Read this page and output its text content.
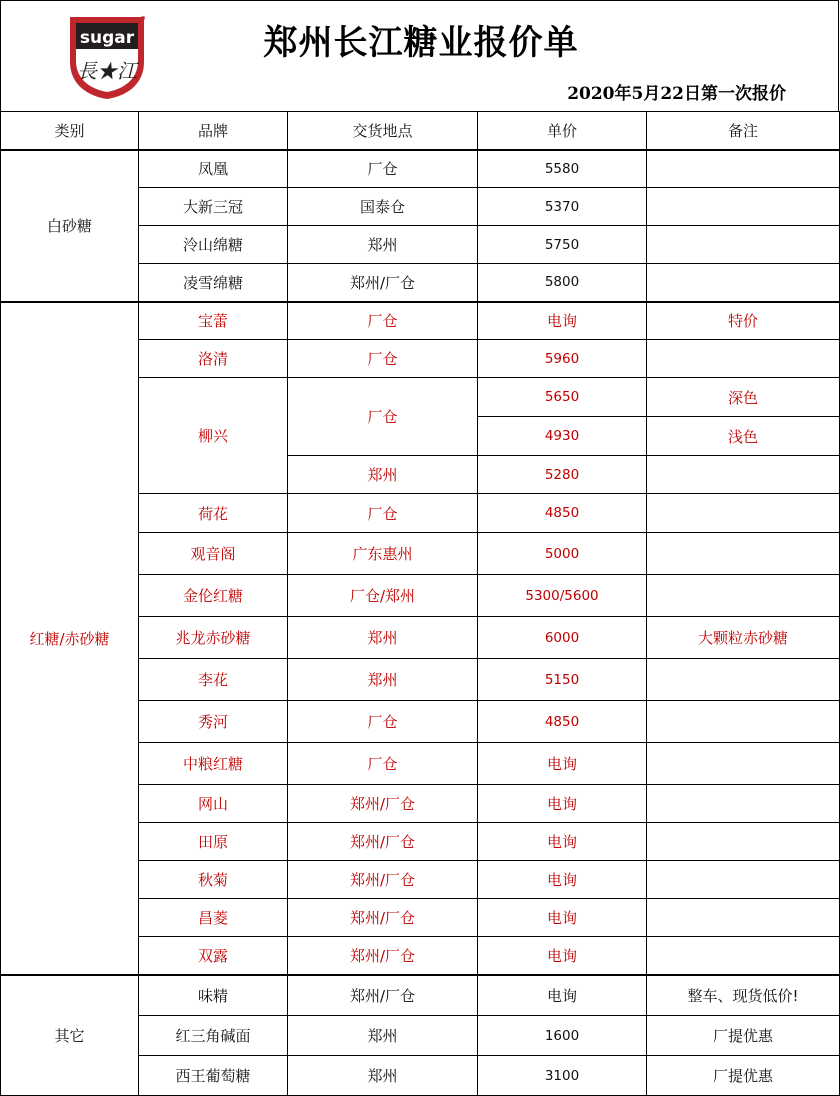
sugar
長★江
郑州长江糖业报价单
2020年5月22日第一次报价
类别	品牌	交货地点	单价	备注
白砂糖	凤凰	厂仓	5580	
	大新三冠	国泰仓	5370	
	泠山绵糖	郑州	5750	
	凌雪绵糖	郑州/厂仓	5800	
红糖/赤砂糖	宝蕾	厂仓	电询	特价
	洛清	厂仓	5960	
	柳兴	厂仓	5650	深色
			4930	浅色
		郑州	5280	
	荷花	厂仓	4850	
	观音阁	广东惠州	5000	
	金伦红糖	厂仓/郑州	5300/5600	
	兆龙赤砂糖	郑州	6000	大颗粒赤砂糖
	李花	郑州	5150	
	秀河	厂仓	4850	
	中粮红糖	厂仓	电询	
	网山	郑州/厂仓	电询	
	田原	郑州/厂仓	电询	
	秋菊	郑州/厂仓	电询	
	昌菱	郑州/厂仓	电询	
	双露	郑州/厂仓	电询	
其它	味精	郑州/厂仓	电询	整车、现货低价!
	红三角碱面	郑州	1600	厂提优惠
	西王葡萄糖	郑州	3100	厂提优惠
